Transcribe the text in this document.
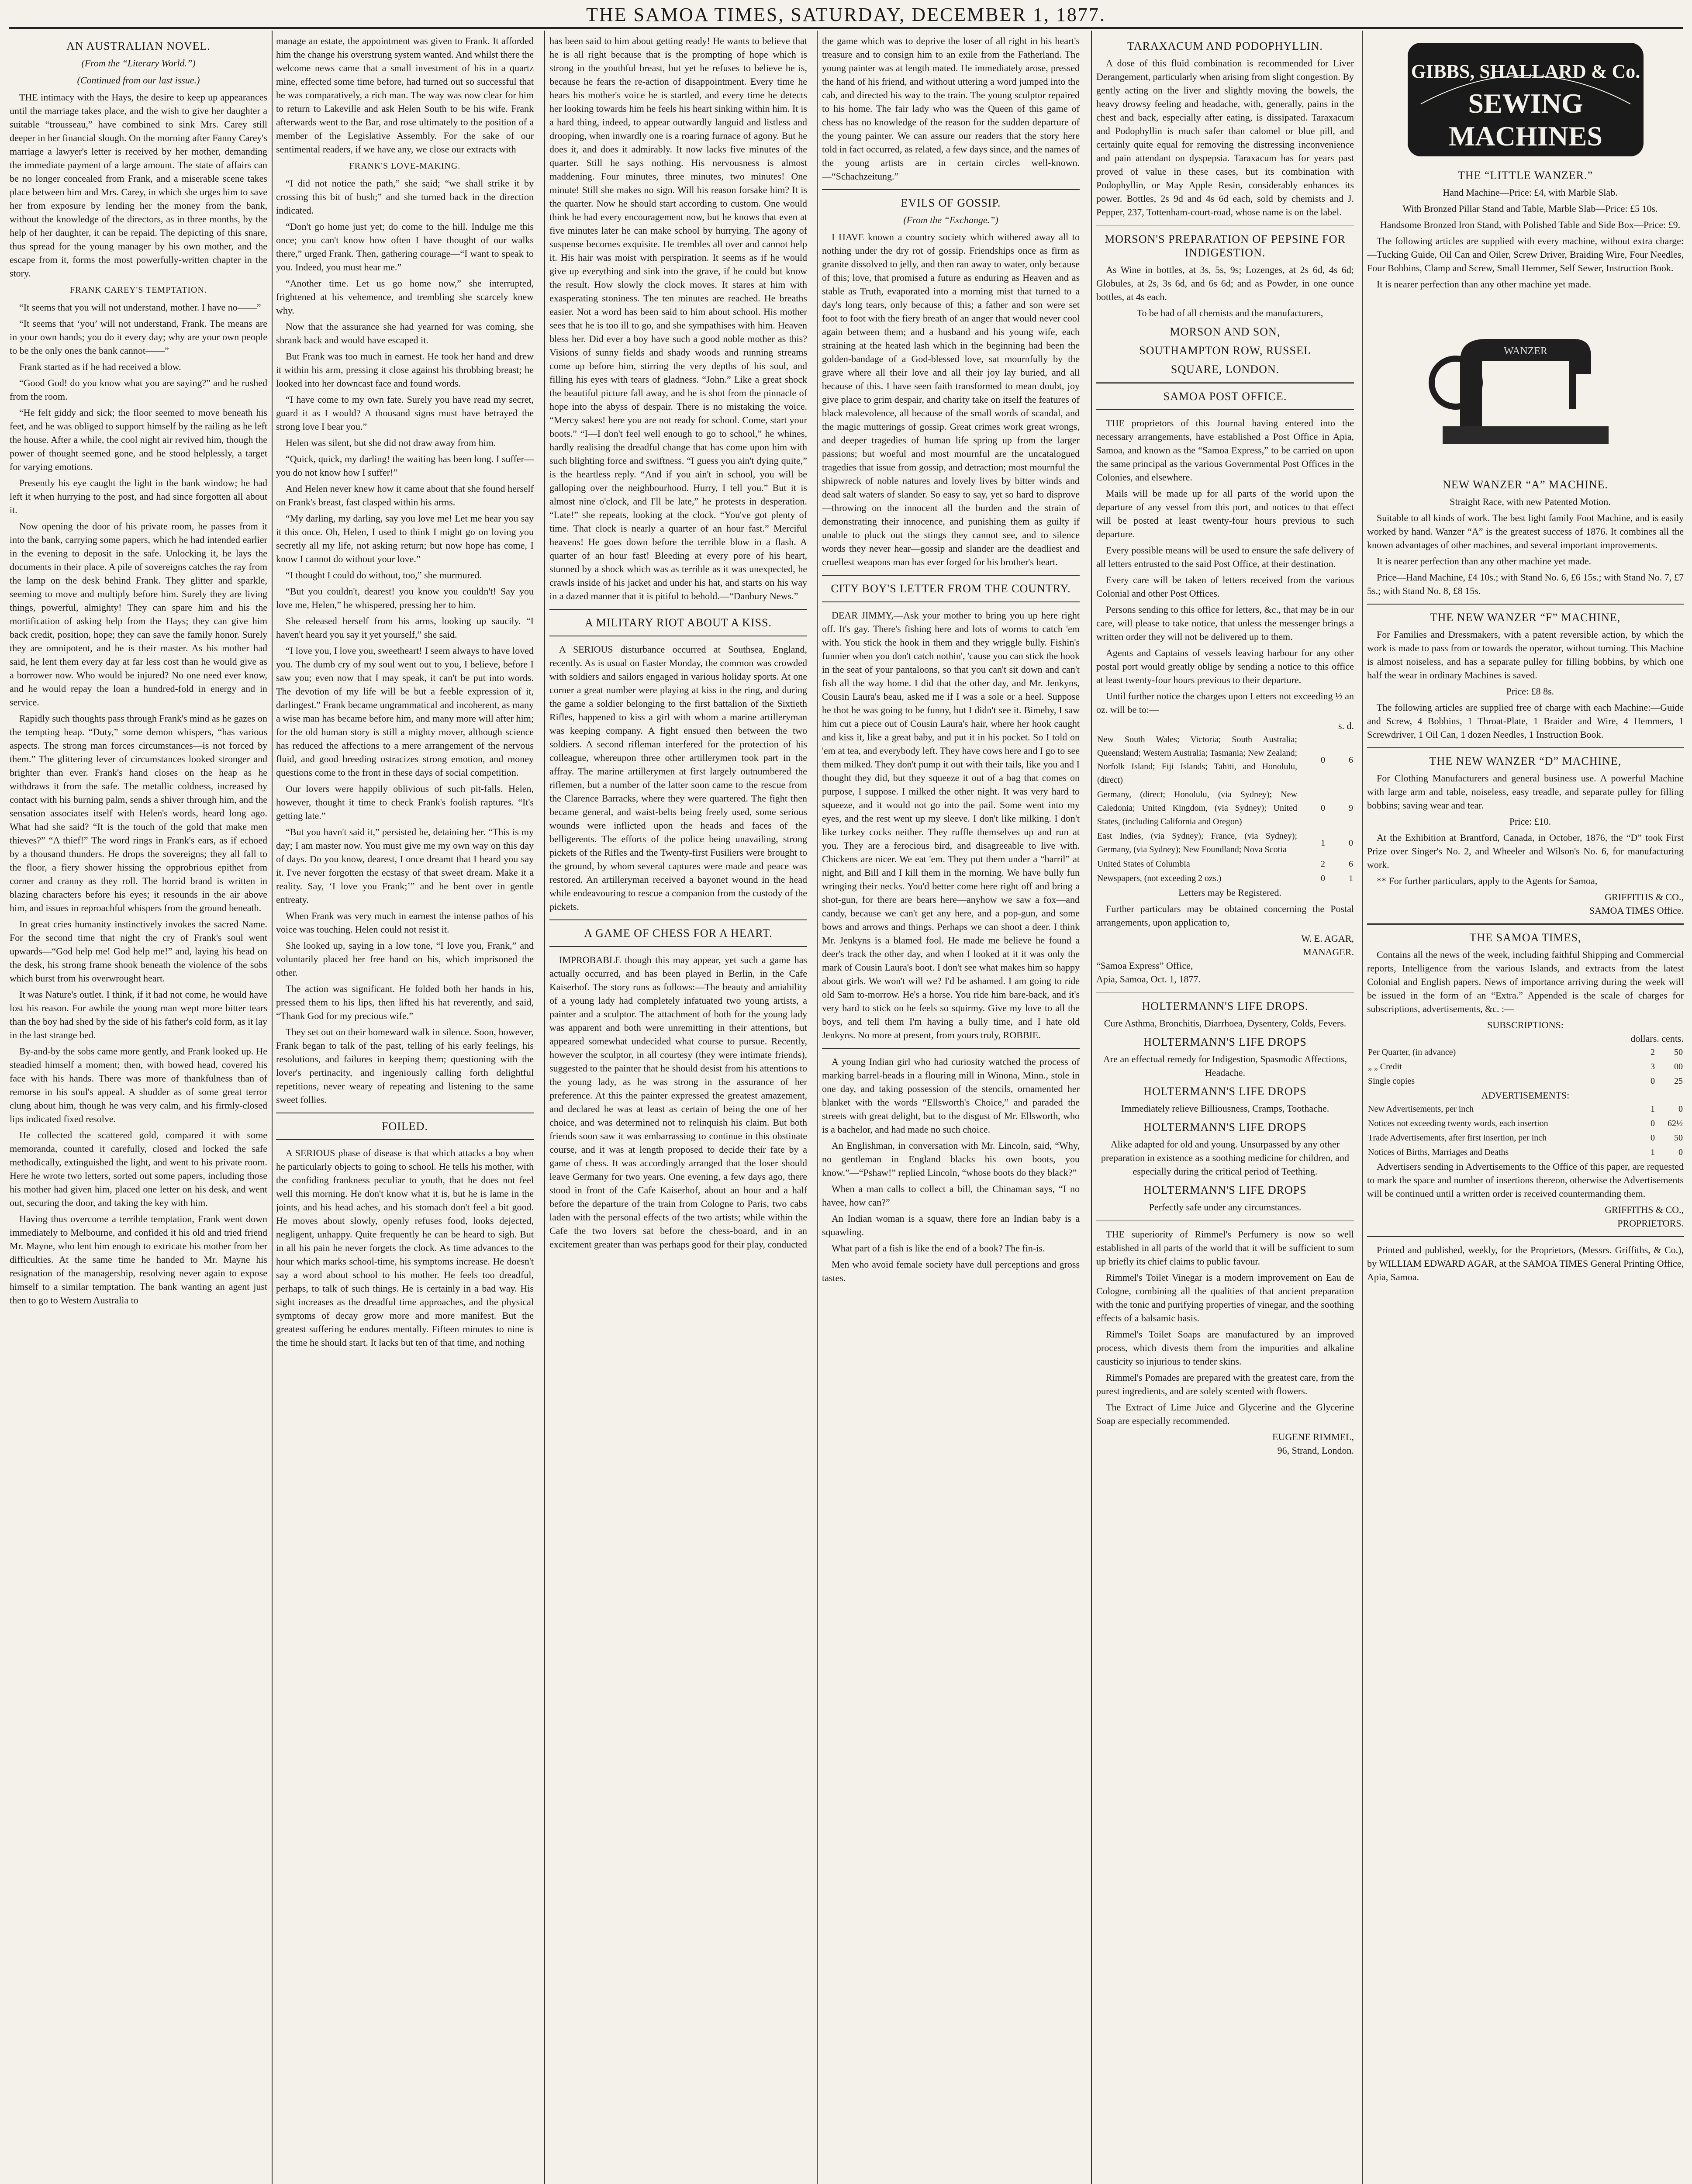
THE SAMOA TIMES, SATURDAY, DECEMBER 1, 1877.
AN AUSTRALIAN NOVEL.
(From the “Literary World.”)
(Continued from our last issue.)

THE intimacy with the Hays, the desire to keep up appearances until the marriage takes place, and the wish to give her daughter a suitable “trousseau,” have combined to sink Mrs. Carey still deeper in her financial slough. On the morning after Fanny Carey's marriage a lawyer's letter is received by her mother, demanding the immediate payment of a large amount. The state of affairs can be no longer concealed from Frank, and a miserable scene takes place between him and Mrs. Carey, in which she urges him to save her from exposure by lending her the money from the bank, without the knowledge of the directors, as in three months, by the help of her daughter, it can be repaid. The depicting of this snare, thus spread for the young manager by his own mother, and the escape from it, forms the most powerfully-written chapter in the story.

FRANK CAREY'S TEMPTATION.

“It seems that you will not understand, mother. I have no——”

“It seems that ‘you’ will not understand, Frank. The means are in your own hands; you do it every day; why are your own people to be the only ones the bank cannot——”

Frank started as if he had received a blow.

“Good God! do you know what you are saying?” and he rushed from the room.

“He felt giddy and sick; the floor seemed to move beneath his feet, and he was obliged to support himself by the railing as he left the house. After a while, the cool night air revived him, though the power of thought seemed gone, and he stood helplessly, a target for varying emotions.

Presently his eye caught the light in the bank window; he had left it when hurrying to the post, and had since forgotten all about it.

Now opening the door of his private room, he passes from it into the bank, carrying some papers, which he had intended earlier in the evening to deposit in the safe. Unlocking it, he lays the documents in their place. A pile of sovereigns catches the ray from the lamp on the desk behind Frank. They glitter and sparkle, seeming to move and multiply before him. Surely they are living things, powerful, almighty! They can spare him and his the mortification of asking help from the Hays; they can give him back credit, position, hope; they can save the family honor. Surely they are omnipotent, and he is their master. As his mother had said, he lent them every day at far less cost than he would give as a borrower now. Who would be injured? No one need ever know, and he would repay the loan a hundred-fold in energy and in service.

Rapidly such thoughts pass through Frank's mind as he gazes on the tempting heap. “Duty,” some demon whispers, “has various aspects. The strong man forces circumstances—is not forced by them.” The glittering lever of circumstances looked stronger and brighter than ever. Frank's hand closes on the heap as he withdraws it from the safe. The metallic coldness, increased by contact with his burning palm, sends a shiver through him, and the sensation associates itself with Helen's words, heard long ago. What had she said? “It is the touch of the gold that make men thieves?” “A thief!” The word rings in Frank's ears, as if echoed by a thousand thunders. He drops the sovereigns; they all fall to the floor, a fiery shower hissing the opprobrious epithet from corner and cranny as they roll. The horrid brand is written in blazing characters before his eyes; it resounds in the air above him, and issues in reproachful whispers from the ground beneath.

In great cries humanity instinctively invokes the sacred Name. For the second time that night the cry of Frank's soul went upwards—“God help me! God help me!” and, laying his head on the desk, his strong frame shook beneath the violence of the sobs which burst from his overwrought heart.

It was Nature's outlet. I think, if it had not come, he would have lost his reason. For awhile the young man wept more bitter tears than the boy had shed by the side of his father's cold form, as it lay in the last strange bed.

By-and-by the sobs came more gently, and Frank looked up. He steadied himself a moment; then, with bowed head, covered his face with his hands. There was more of thankfulness than of remorse in his soul's appeal. A shudder as of some great terror clung about him, though he was very calm, and his firmly-closed lips indicated fixed resolve.

He collected the scattered gold, compared it with some memoranda, counted it carefully, closed and locked the safe methodically, extinguished the light, and went to his private room. Here he wrote two letters, sorted out some papers, including those his mother had given him, placed one letter on his desk, and went out, securing the door, and taking the key with him.

Having thus overcome a terrible temptation, Frank went down immediately to Melbourne, and confided it his old and tried friend Mr. Mayne, who lent him enough to extricate his mother from her difficulties. At the same time he handed to Mr. Mayne his resignation of the managership, resolving never again to expose himself to a similar temptation. The bank wanting an agent just then to go to Western Australia to

manage an estate, the appointment was given to Frank. It afforded him the change his overstrung system wanted. And whilst there the welcome news came that a small investment of his in a quartz mine, effected some time before, had turned out so successful that he was comparatively, a rich man. The way was now clear for him to return to Lakeville and ask Helen South to be his wife. Frank afterwards went to the Bar, and rose ultimately to the position of a member of the Legislative Assembly. For the sake of our sentimental readers, if we have any, we close our extracts with

FRANK'S LOVE-MAKING.

“I did not notice the path,” she said; “we shall strike it by crossing this bit of bush;” and she turned back in the direction indicated.

“Don't go home just yet; do come to the hill. Indulge me this once; you can't know how often I have thought of our walks there,” urged Frank. Then, gathering courage—“I want to speak to you. Indeed, you must hear me.”

“Another time. Let us go home now,” she interrupted, frightened at his vehemence, and trembling she scarcely knew why.

Now that the assurance she had yearned for was coming, she shrank back and would have escaped it.

But Frank was too much in earnest. He took her hand and drew it within his arm, pressing it close against his throbbing breast; he looked into her downcast face and found words.

“I have come to my own fate. Surely you have read my secret, guard it as I would? A thousand signs must have betrayed the strong love I bear you.”

Helen was silent, but she did not draw away from him.

“Quick, quick, my darling! the waiting has been long. I suffer—you do not know how I suffer!”

And Helen never knew how it came about that she found herself on Frank's breast, fast clasped within his arms.

“My darling, my darling, say you love me! Let me hear you say it this once. Oh, Helen, I used to think I might go on loving you secretly all my life, not asking return; but now hope has come, I know I cannot do without your love.”

“I thought I could do without, too,” she murmured.

“But you couldn't, dearest! you know you couldn't! Say you love me, Helen,” he whispered, pressing her to him.

She released herself from his arms, looking up saucily. “I haven't heard you say it yet yourself,” she said.

“I love you, I love you, sweetheart! I seem always to have loved you. The dumb cry of my soul went out to you, I believe, before I saw you; even now that I may speak, it can't be put into words. The devotion of my life will be but a feeble expression of it, darlingest.” Frank became ungrammatical and incoherent, as many a wise man has became before him, and many more will after him; for the old human story is still a mighty mover, although science has reduced the affections to a mere arrangement of the nervous fluid, and good breeding ostracizes strong emotion, and money questions come to the front in these days of social competition.

Our lovers were happily oblivious of such pit-falls. Helen, however, thought it time to check Frank's foolish raptures. “It's getting late.”

“But you havn't said it,” persisted he, detaining her. “This is my day; I am master now. You must give me my own way on this day of days. Do you know, dearest, I once dreamt that I heard you say it. I've never forgotten the ecstasy of that sweet dream. Make it a reality. Say, ‘I love you Frank;’” and he bent over in gentle entreaty.

When Frank was very much in earnest the intense pathos of his voice was touching. Helen could not resist it.

She looked up, saying in a low tone, “I love you, Frank,” and voluntarily placed her free hand on his, which imprisoned the other.

The action was significant. He folded both her hands in his, pressed them to his lips, then lifted his hat reverently, and said, “Thank God for my precious wife.”

They set out on their homeward walk in silence. Soon, however, Frank began to talk of the past, telling of his early feelings, his resolutions, and failures in keeping them; questioning with the lover's pertinacity, and ingeniously calling forth delightful repetitions, never weary of repeating and listening to the same sweet follies.

FOILED.

A SERIOUS phase of disease is that which attacks a boy when he particularly objects to going to school. He tells his mother, with the confiding frankness peculiar to youth, that he does not feel well this morning. He don't know what it is, but he is lame in the joints, and his head aches, and his stomach don't feel a bit good. He moves about slowly, openly refuses food, looks dejected, negligent, unhappy. Quite frequently he can be heard to sigh. But in all his pain he never forgets the clock. As time advances to the hour which marks school-time, his symptoms increase. He doesn't say a word about school to his mother. He feels too dreadful, perhaps, to talk of such things. He is certainly in a bad way. His sight increases as the dreadful time approaches, and the physical symptoms of decay grow more and more manifest. But the greatest suffering he endures mentally. Fifteen minutes to nine is the time he should start. It lacks but ten of that time, and nothing

has been said to him about getting ready! He wants to believe that he is all right because that is the prompting of hope which is strong in the youthful breast, but yet he refuses to believe he is, because he fears the re-action of disappointment. Every time he hears his mother's voice he is startled, and every time he detects her looking towards him he feels his heart sinking within him. It is a hard thing, indeed, to appear outwardly languid and listless and drooping, when inwardly one is a roaring furnace of agony. But he does it, and does it admirably. It now lacks five minutes of the quarter. Still he says nothing. His nervousness is almost maddening. Four minutes, three minutes, two minutes! One minute! Still she makes no sign. Will his reason forsake him? It is the quarter. Now he should start according to custom. One would think he had every encouragement now, but he knows that even at five minutes later he can make school by hurrying. The agony of suspense becomes exquisite. He trembles all over and cannot help it. His hair was moist with perspiration. It seems as if he would give up everything and sink into the grave, if he could but know the result. How slowly the clock moves. It stares at him with exasperating stoniness. The ten minutes are reached. He breaths easier. Not a word has been said to him about school. His mother sees that he is too ill to go, and she sympathises with him. Heaven bless her. Did ever a boy have such a good noble mother as this? Visions of sunny fields and shady woods and running streams come up before him, stirring the very depths of his soul, and filling his eyes with tears of gladness. “John.” Like a great shock the beautiful picture fall away, and he is shot from the pinnacle of hope into the abyss of despair. There is no mistaking the voice. “Mercy sakes! here you are not ready for school. Come, start your boots.” “I—I don't feel well enough to go to school,” he whines, hardly realising the dreadful change that has come upon him with such blighting force and swiftness. “I guess you ain't dying quite,” is the heartless reply. “And if you ain't in school, you will be galloping over the neighbourhood. Hurry, I tell you.” But it is almost nine o'clock, and I'll be late,” he protests in desperation. “Late!” she repeats, looking at the clock. “You've got plenty of time. That clock is nearly a quarter of an hour fast.” Merciful heavens! He goes down before the terrible blow in a flash. A quarter of an hour fast! Bleeding at every pore of his heart, stunned by a shock which was as terrible as it was unexpected, he crawls inside of his jacket and under his hat, and starts on his way in a dazed manner that it is pitiful to behold.—“Danbury News.”

A MILITARY RIOT ABOUT A KISS.

A SERIOUS disturbance occurred at Southsea, England, recently. As is usual on Easter Monday, the common was crowded with soldiers and sailors engaged in various holiday sports. At one corner a great number were playing at kiss in the ring, and during the game a soldier belonging to the first battalion of the Sixtieth Rifles, happened to kiss a girl with whom a marine artilleryman was keeping company. A fight ensued then between the two soldiers. A second rifleman interfered for the protection of his colleague, whereupon three other artillerymen took part in the affray. The marine artillerymen at first largely outnumbered the riflemen, but a number of the latter soon came to the rescue from the Clarence Barracks, where they were quartered. The fight then became general, and waist-belts being freely used, some serious wounds were inflicted upon the heads and faces of the belligerents. The efforts of the police being unavailing, strong pickets of the Rifles and the Twenty-first Fusiliers were brought to the ground, by whom several captures were made and peace was restored. An artilleryman received a bayonet wound in the head while endeavouring to rescue a companion from the custody of the pickets.

A GAME OF CHESS FOR A HEART.

IMPROBABLE though this may appear, yet such a game has actually occurred, and has been played in Berlin, in the Cafe Kaiserhof. The story runs as follows:—The beauty and amiability of a young lady had completely infatuated two young artists, a painter and a sculptor. The attachment of both for the young lady was apparent and both were unremitting in their attentions, but appeared somewhat undecided what course to pursue. Recently, however the sculptor, in all courtesy (they were intimate friends), suggested to the painter that he should desist from his attentions to the young lady, as he was strong in the assurance of her preference. At this the painter expressed the greatest amazement, and declared he was at least as certain of being the one of her choice, and was determined not to relinquish his claim. But both friends soon saw it was embarrassing to continue in this obstinate course, and it was at length proposed to decide their fate by a game of chess. It was accordingly arranged that the loser should leave Germany for two years. One evening, a few days ago, there stood in front of the Cafe Kaiserhof, about an hour and a half before the departure of the train from Cologne to Paris, two cabs laden with the personal effects of the two artists; while within the Cafe the two lovers sat before the chess-board, and in an excitement greater than was perhaps good for their play, conducted

the game which was to deprive the loser of all right in his heart's treasure and to consign him to an exile from the Fatherland. The young painter was at length mated. He immediately arose, pressed the hand of his friend, and without uttering a word jumped into the cab, and directed his way to the train. The young sculptor repaired to his home. The fair lady who was the Queen of this game of chess has no knowledge of the reason for the sudden departure of the young painter. We can assure our readers that the story here told in fact occurred, as related, a few days since, and the names of the young artists are in certain circles well-known.—“Schachzeitung.”

EVILS OF GOSSIP.
(From the “Exchange.”)

I HAVE known a country society which withered away all to nothing under the dry rot of gossip. Friendships once as firm as granite dissolved to jelly, and then ran away to water, only because of this; love, that promised a future as enduring as Heaven and as stable as Truth, evaporated into a morning mist that turned to a day's long tears, only because of this; a father and son were set foot to foot with the fiery breath of an anger that would never cool again between them; and a husband and his young wife, each straining at the heated lash which in the beginning had been the golden-bandage of a God-blessed love, sat mournfully by the grave where all their love and all their joy lay buried, and all because of this. I have seen faith transformed to mean doubt, joy give place to grim despair, and charity take on itself the features of black malevolence, all because of the small words of scandal, and the magic mutterings of gossip. Great crimes work great wrongs, and deeper tragedies of human life spring up from the larger passions; but woeful and most mournful are the uncatalogued tragedies that issue from gossip, and detraction; most mournful the shipwreck of noble natures and lovely lives by bitter winds and dead salt waters of slander. So easy to say, yet so hard to disprove—throwing on the innocent all the burden and the strain of demonstrating their innocence, and punishing them as guilty if unable to pluck out the stings they cannot see, and to silence words they never hear—gossip and slander are the deadliest and cruellest weapons man has ever forged for his brother's heart.

CITY BOY'S LETTER FROM THE COUNTRY.

DEAR JIMMY,—Ask your mother to bring you up here right off. It's gay. There's fishing here and lots of worms to catch 'em with. You stick the hook in them and they wriggle bully. Fishin's funnier when you don't catch nothin', 'cause you can stick the hook in the seat of your pantaloons, so that you can't sit down and can't fish all the way home. I did that the other day, and Mr. Jenkyns, Cousin Laura's beau, asked me if I was a sole or a heel. Suppose he thot he was going to be funny, but I didn't see it. Bimeby, I saw him cut a piece out of Cousin Laura's hair, where her hook caught and kiss it, like a great baby, and put it in his pocket. So I told on 'em at tea, and everybody left. They have cows here and I go to see them milked. They don't pump it out with their tails, like you and I thought they did, but they squeeze it out of a bag that comes on purpose, I suppose. I milked the other night. It was very hard to squeeze, and it would not go into the pail. Some went into my eyes, and the rest went up my sleeve. I don't like milking. I don't like turkey cocks neither. They ruffle themselves up and run at you. They are a ferocious bird, and disagreeable to live with. Chickens are nicer. We eat 'em. They put them under a “barril” at night, and Bill and I kill them in the morning. We have bully fun wringing their necks. You'd better come here right off and bring a shot-gun, for there are bears here—anyhow we saw a fox—and candy, because we can't get any here, and a pop-gun, and some bows and arrows and things. Perhaps we can shoot a deer. I think Mr. Jenkyns is a blamed fool. He made me believe he found a deer's track the other day, and when I looked at it it was only the mark of Cousin Laura's boot. I don't see what makes him so happy about girls. We won't will we? I'd be ashamed. I am going to ride old Sam to-morrow. He's a horse. You ride him bare-back, and it's very hard to stick on he feels so squirmy. Give my love to all the boys, and tell them I'm having a bully time, and I hate old Jenkyns. No more at present, from yours truly, ROBBIE.

A young Indian girl who had curiosity watched the process of marking barrel-heads in a flouring mill in Winona, Minn., stole in one day, and taking possession of the stencils, ornamented her blanket with the words “Ellsworth's Choice,” and paraded the streets with great delight, but to the disgust of Mr. Ellsworth, who is a bachelor, and had made no such choice.

An Englishman, in conversation with Mr. Lincoln, said, “Why, no gentleman in England blacks his own boots, you know.”—“Pshaw!” replied Lincoln, “whose boots do they black?”

When a man calls to collect a bill, the Chinaman says, “I no havee, how can?”

An Indian woman is a squaw, there fore an Indian baby is a squawling.

What part of a fish is like the end of a book? The fin-is.

Men who avoid female society have dull perceptions and gross tastes.

TARAXACUM AND PODOPHYLLIN.

A dose of this fluid combination is recommended for Liver Derangement, particularly when arising from slight congestion. By gently acting on the liver and slightly moving the bowels, the heavy drowsy feeling and headache, with, generally, pains in the chest and back, especially after eating, is dissipated. Taraxacum and Podophyllin is much safer than calomel or blue pill, and certainly quite equal for removing the distressing inconvenience and pain attendant on dyspepsia. Taraxacum has for years past proved of value in these cases, but its combination with Podophyllin, or May Apple Resin, considerably enhances its power. Bottles, 2s 9d and 4s 6d each, sold by chemists and J. Pepper, 237, Tottenham-court-road, whose name is on the label.

MORSON'S PREPARATION OF PEPSINE FOR INDIGESTION.

As Wine in bottles, at 3s, 5s, 9s; Lozenges, at 2s 6d, 4s 6d; Globules, at 2s, 3s 6d, and 6s 6d; and as Powder, in one ounce bottles, at 4s each.

To be had of all chemists and the manufacturers,

MORSON AND SON,
SOUTHAMPTON ROW, RUSSEL
SQUARE, LONDON.
SAMOA POST OFFICE.

THE proprietors of this Journal having entered into the necessary arrangements, have established a Post Office in Apia, Samoa, and known as the “Samoa Express,” to be carried on upon the same principal as the various Governmental Post Offices in the Colonies, and elsewhere.

Mails will be made up for all parts of the world upon the departure of any vessel from this port, and notices to that effect will be posted at least twenty-four hours previous to such departure.

Every possible means will be used to ensure the safe delivery of all letters entrusted to the said Post Office, at their destination.

Every care will be taken of letters received from the various Colonial and other Post Offices.

Persons sending to this office for letters, &c., that may be in our care, will please to take notice, that unless the messenger brings a written order they will not be delivered up to them.

Agents and Captains of vessels leaving harbour for any other postal port would greatly oblige by sending a notice to this office at least twenty-four hours previous to their departure.

Until further notice the charges upon Letters not exceeding ½ an oz. will be to:—

s. d.
New South Wales; Victoria; South Australia; Queensland; Western Australia; Tasmania; New Zealand; Norfolk Island; Fiji Islands; Tahiti, and Honolulu, (direct)	0	6
Germany, (direct; Honolulu, (via Sydney); New Caledonia; United Kingdom, (via Sydney); United States, (including California and Oregon)	0	9
East Indies, (via Sydney); France, (via Sydney); Germany, (via Sydney); New Foundland; Nova Scotia	1	0
United States of Columbia	2	6
Newspapers, (not exceeding 2 ozs.)	0	1

Letters may be Registered.

Further particulars may be obtained concerning the Postal arrangements, upon application to,

W. E. AGAR,
MANAGER.
“Samoa Express” Office,
Apia, Samoa, Oct. 1, 1877.
HOLTERMANN'S LIFE DROPS.
Cure Asthma, Bronchitis, Diarrhoea, Dysentery, Colds, Fevers.
HOLTERMANN'S LIFE DROPS
Are an effectual remedy for Indigestion, Spasmodic Affections, Headache.
HOLTERMANN'S LIFE DROPS
Immediately relieve Billiousness, Cramps, Toothache.
HOLTERMANN'S LIFE DROPS
Alike adapted for old and young. Unsurpassed by any other preparation in existence as a soothing medicine for children, and especially during the critical period of Teething.
HOLTERMANN'S LIFE DROPS
Perfectly safe under any circumstances.

THE superiority of Rimmel's Perfumery is now so well established in all parts of the world that it will be sufficient to sum up briefly its chief claims to public favour.

Rimmel's Toilet Vinegar is a modern improvement on Eau de Cologne, combining all the qualities of that ancient preparation with the tonic and purifying properties of vinegar, and the soothing effects of a balsamic basis.

Rimmel's Toilet Soaps are manufactured by an improved process, which divests them from the impurities and alkaline causticity so injurious to tender skins.

Rimmel's Pomades are prepared with the greatest care, from the purest ingredients, and are solely scented with flowers.

The Extract of Lime Juice and Glycerine and the Glycerine Soap are especially recommended.

EUGENE RIMMEL,
96, Strand, London.
GIBBS, SHALLARD & Co.
SEWING
MACHINES
THE “LITTLE WANZER.”

Hand Machine—Price: £4, with Marble Slab.

With Bronzed Pillar Stand and Table, Marble Slab—Price: £5 10s.

Handsome Bronzed Iron Stand, with Polished Table and Side Box—Price: £9.

The following articles are supplied with every machine, without extra charge:—Tucking Guide, Oil Can and Oiler, Screw Driver, Braiding Wire, Four Needles, Four Bobbins, Clamp and Screw, Small Hemmer, Self Sewer, Instruction Book.

It is nearer perfection than any other machine yet made.

WANZER
NEW WANZER “A” MACHINE.

Straight Race, with new Patented Motion.

Suitable to all kinds of work. The best light family Foot Machine, and is easily worked by hand. Wanzer “A” is the greatest success of 1876. It combines all the known advantages of other machines, and several important improvements.

It is nearer perfection than any other machine yet made.

Price—Hand Machine, £4 10s.; with Stand No. 6, £6 15s.; with Stand No. 7, £7 5s.; with Stand No. 8, £8 15s.

THE NEW WANZER “F” MACHINE,

For Families and Dressmakers, with a patent reversible action, by which the work is made to pass from or towards the operator, without turning. This Machine is almost noiseless, and has a separate pulley for filling bobbins, by which one half the wear in ordinary Machines is saved.

Price: £8 8s.

The following articles are supplied free of charge with each Machine:—Guide and Screw, 4 Bobbins, 1 Throat-Plate, 1 Braider and Wire, 4 Hemmers, 1 Screwdriver, 1 Oil Can, 1 dozen Needles, 1 Instruction Book.

THE NEW WANZER “D” MACHINE,

For Clothing Manufacturers and general business use. A powerful Machine with large arm and table, noiseless, easy treadle, and separate pulley for filling bobbins; saving wear and tear.

Price: £10.

At the Exhibition at Brantford, Canada, in October, 1876, the “D” took First Prize over Singer's No. 2, and Wheeler and Wilson's No. 6, for manufacturing work.

** For further particulars, apply to the Agents for Samoa,

GRIFFITHS & CO.,
SAMOA TIMES Office.
THE SAMOA TIMES,

Contains all the news of the week, including faithful Shipping and Commercial reports, Intelligence from the various Islands, and extracts from the latest Colonial and English papers. News of importance arriving during the week will be issued in the form of an “Extra.” Appended is the scale of charges for subscriptions, advertisements, &c. :—

SUBSCRIPTIONS:
dollars. cents.
Per Quarter, (in advance)	2	50
„ „ Credit	3	00
Single copies	0	25
ADVERTISEMENTS:
New Advertisements, per inch	1	0
Notices not exceeding twenty words, each insertion	0	62½
Trade Advertisements, after first insertion, per inch	0	50
Notices of Births, Marriages and Deaths	1	0

Advertisers sending in Advertisements to the Office of this paper, are requested to mark the space and number of insertions thereon, otherwise the Advertisements will be continued until a written order is received countermanding them.

GRIFFITHS & CO.,
PROPRIETORS.

Printed and published, weekly, for the Proprietors, (Messrs. Griffiths, & Co.), by WILLIAM EDWARD AGAR, at the SAMOA TIMES General Printing Office, Apia, Samoa.
